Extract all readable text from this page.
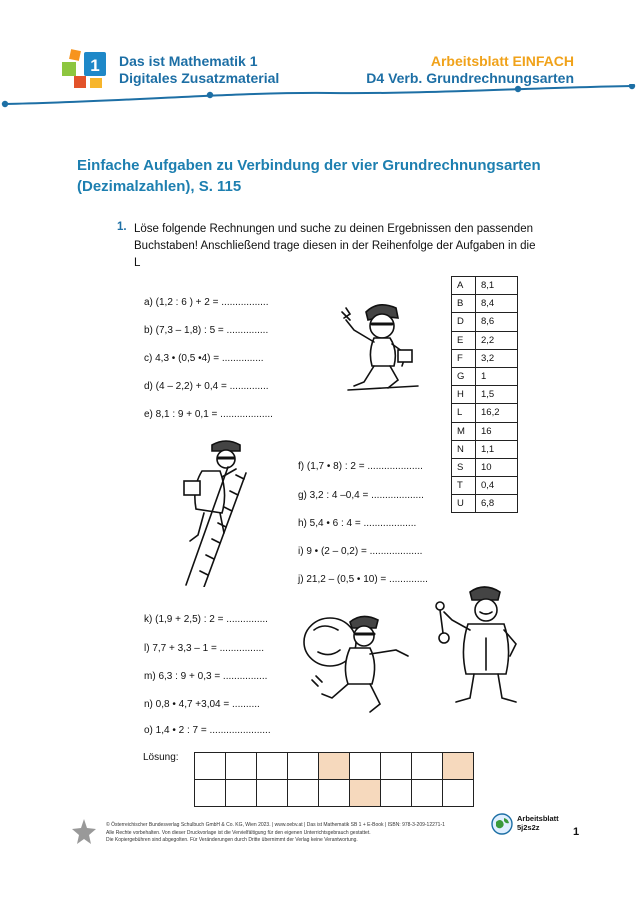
1 Das ist Mathematik 1
Digitales Zusatzmaterial
Arbeitsblatt EINFACH
D4 Verb. Grundrechnungsarten
Einfache Aufgaben zu Verbindung der vier Grundrechnungsarten
(Dezimalzahlen), S. 115
1. Löse folgende Rechnungen und suche zu deinen Ergebnissen den passenden
Buchstaben! Anschließend trage diesen in der Reihenfolge der Aufgaben in die
L
a) (1,2 : 6 ) + 2 = .................
b) (7,3 – 1,8) : 5 = ...............
c) 4,3 • (0,5 •4) = ...............
d) (4 – 2,2) + 0,4 = ..............
e) 8,1 : 9 + 0,1 = ...................
f) (1,7 • 8) : 2 = ....................
g) 3,2 : 4 –0,4 = ...................
h) 5,4 • 6 : 4 = ...................
i) 9 • (2 – 0,2) = ...................
j) 21,2 – (0,5 • 10) = ..............
k) (1,9 + 2,5) : 2 = ...............
l) 7,7 + 3,3 – 1 = ................
m) 6,3 : 9 + 0,3 = ................
n) 0,8 • 4,7 +3,04 = ..........
o) 1,4 • 2 : 7 = ......................
A	8,1
B	8,4
D	8,6
E	2,2
F	3,2
G	1
H	1,5
L	16,2
M	16
N	1,1
S	10
T	0,4
U	6,8
Lösung:
© Österreichischer Bundesverlag Schulbuch GmbH & Co. KG, Wien 2023. | www.oebv.at | Das ist Mathematik SB 1 + E-Book | ISBN: 978-3-209-12271-1
Alle Rechte vorbehalten. Von dieser Druckvorlage ist die Vervielfältigung für den eigenen Unterrichtsgebrauch gestattet.
Die Kopiergebühren sind abgegolten. Für Veränderungen durch Dritte übernimmt der Verlag keine Verantwortung.
Arbeitsblatt
5j2s2z	1
